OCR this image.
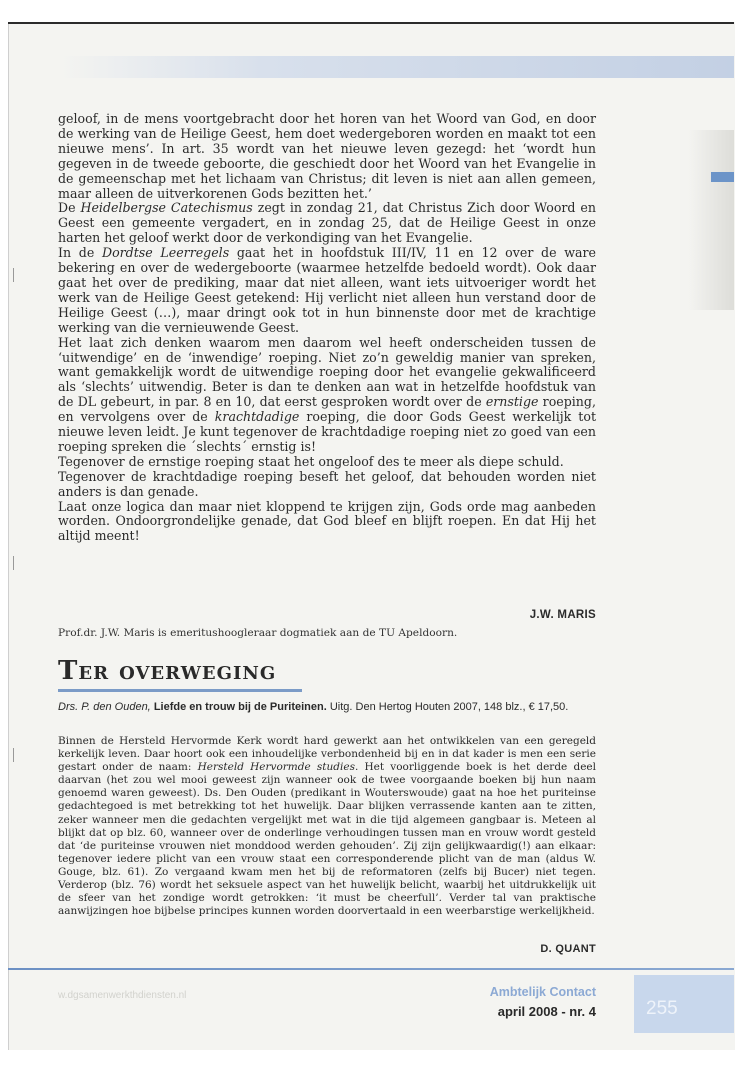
geloof, in de mens voortgebracht door het horen van het Woord van God, en door de werking van de Heilige Geest, hem doet wedergeboren worden en maakt tot een nieuwe mens’. In art. 35 wordt van het nieuwe leven gezegd: het ‘wordt hun gegeven in de tweede geboorte, die geschiedt door het Woord van het Evangelie in de gemeenschap met het lichaam van Christus; dit leven is niet aan allen gemeen, maar alleen de uitverkorenen Gods bezitten het.’

De Heidelbergse Catechismus zegt in zondag 21, dat Christus Zich door Woord en Geest een gemeente vergadert, en in zondag 25, dat de Heilige Geest in onze harten het geloof werkt door de verkondiging van het Evangelie.

In de Dordtse Leerregels gaat het in hoofdstuk III/IV, 11 en 12 over de ware bekering en over de wedergeboorte (waarmee hetzelfde bedoeld wordt). Ook daar gaat het over de prediking, maar dat niet alleen, want iets uitvoeriger wordt het werk van de Heilige Geest getekend: Hij verlicht niet alleen hun verstand door de Heilige Geest (…), maar dringt ook tot in hun binnenste door met de krachtige werking van die vernieuwende Geest.

Het laat zich denken waarom men daarom wel heeft onderscheiden tussen de ‘uitwendige’ en de ‘inwendige’ roeping. Niet zo’n geweldig manier van spreken, want gemakkelijk wordt de uitwendige roeping door het evangelie gekwalificeerd als ‘slechts’ uitwendig. Beter is dan te denken aan wat in hetzelfde hoofdstuk van de DL gebeurt, in par. 8 en 10, dat eerst gesproken wordt over de ernstige roeping, en vervolgens over de krachtdadige roeping, die door Gods Geest werkelijk tot nieuwe leven leidt. Je kunt tegenover de krachtdadige roeping niet zo goed van een roeping spreken die ´slechts´ ernstig is!

Tegenover de ernstige roeping staat het ongeloof des te meer als diepe schuld.

Tegenover de krachtdadige roeping beseft het geloof, dat behouden worden niet anders is dan genade.

Laat onze logica dan maar niet kloppend te krijgen zijn, Gods orde mag aanbeden worden. Ondoorgrondelijke genade, dat God bleef en blijft roepen. En dat Hij het altijd meent!

J.W. MARIS
Prof.dr. J.W. Maris is emeritushoogleraar dogmatiek aan de TU Apeldoorn.
Ter overweging
Drs. P. den Ouden, Liefde en trouw bij de Puriteinen. Uitg. Den Hertog Houten 2007, 148 blz., € 17,50.
Binnen de Hersteld Hervormde Kerk wordt hard gewerkt aan het ontwikkelen van een geregeld kerkelijk leven. Daar hoort ook een inhoudelijke verbondenheid bij en in dat kader is men een serie gestart onder de naam: Hersteld Hervormde studies. Het voorliggende boek is het derde deel daarvan (het zou wel mooi geweest zijn wanneer ook de twee voorgaande boeken bij hun naam genoemd waren geweest). Ds. Den Ouden (predikant in Wouterswoude) gaat na hoe het puriteinse gedachtegoed is met betrekking tot het huwelijk. Daar blijken verrassende kanten aan te zitten, zeker wanneer men die gedachten vergelijkt met wat in die tijd algemeen gangbaar is. Meteen al blijkt dat op blz. 60, wanneer over de onderlinge verhoudingen tussen man en vrouw wordt gesteld dat ‘de puriteinse vrouwen niet monddood werden gehouden’. Zij zijn gelijkwaardig(!) aan elkaar: tegenover iedere plicht van een vrouw staat een corresponderende plicht van de man (aldus W. Gouge, blz. 61). Zo vergaand kwam men het bij de reformatoren (zelfs bij Bucer) niet tegen. Verderop (blz. 76) wordt het seksuele aspect van het huwelijk belicht, waarbij het uitdrukkelijk uit de sfeer van het zondige wordt getrokken: ‘it must be cheerfull’. Verder tal van praktische aanwijzingen hoe bijbelse principes kunnen worden doorvertaald in een weerbarstige werkelijkheid.
D. QUANT
w.dgsamenwerkthdiensten.nl	Ambtelijk Contact
april 2008 - nr. 4	255
